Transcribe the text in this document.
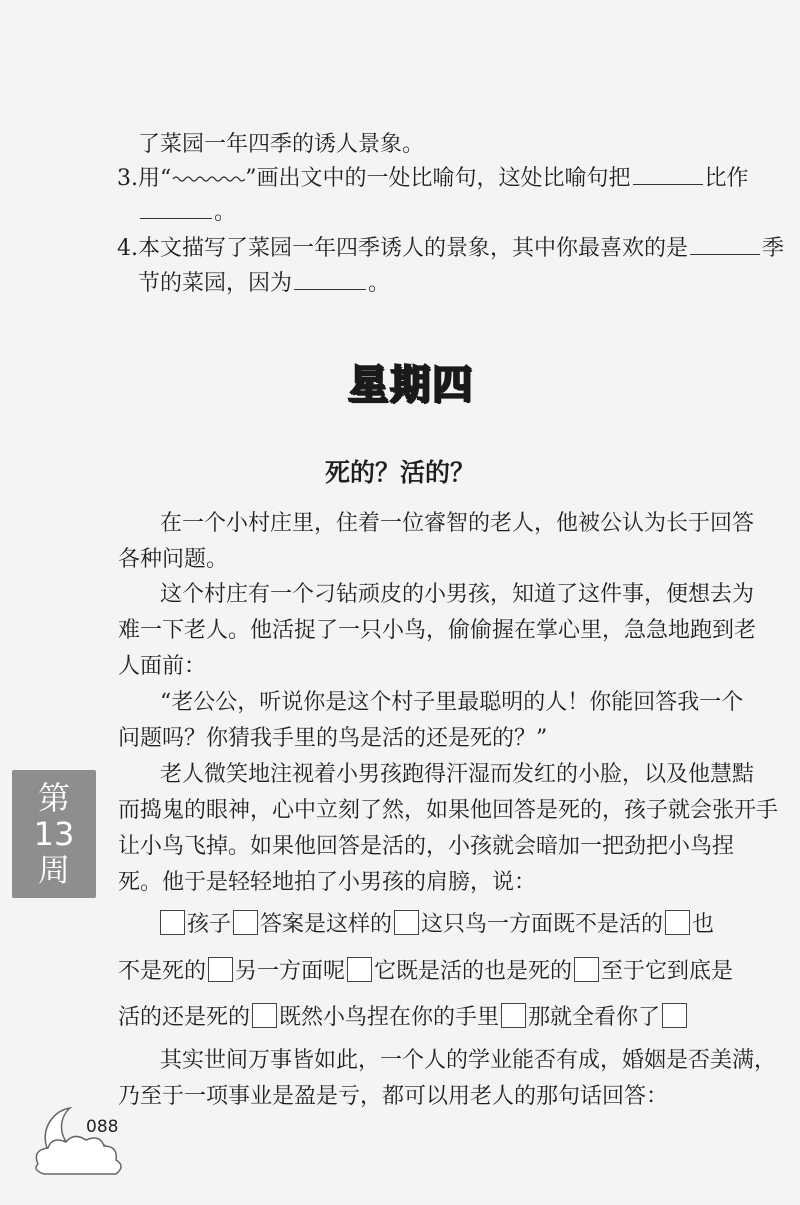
了菜园一年四季的诱人景象。
3.用“	”画出文中的一处比喻句，这处比喻句把	比作
。
4.本文描写了菜园一年四季诱人的景象，其中你最喜欢的是	季
节的菜园，因为	。
星期四
死的？活的？
在一个小村庄里，住着一位睿智的老人，他被公认为长于回答
各种问题。
这个村庄有一个刁钻顽皮的小男孩，知道了这件事，便想去为
难一下老人。他活捉了一只小鸟，偷偷握在掌心里，急急地跑到老
人面前：
“老公公，听说你是这个村子里最聪明的人！你能回答我一个
问题吗？你猜我手里的鸟是活的还是死的？”
老人微笑地注视着小男孩跑得汗湿而发红的小脸，以及他慧黠
而捣鬼的眼神，心中立刻了然，如果他回答是死的，孩子就会张开手
让小鸟飞掉。如果他回答是活的，小孩就会暗加一把劲把小鸟捏
死。他于是轻轻地拍了小男孩的肩膀，说：
孩子 答案是这样的 这只鸟一方面既不是活的 也
不是死的 另一方面呢 它既是活的也是死的 至于它到底是
活的还是死的 既然小鸟捏在你的手里 那就全看你了
其实世间万事皆如此，一个人的学业能否有成，婚姻是否美满，
乃至于一项事业是盈是亏，都可以用老人的那句话回答：
第
13
周
088
